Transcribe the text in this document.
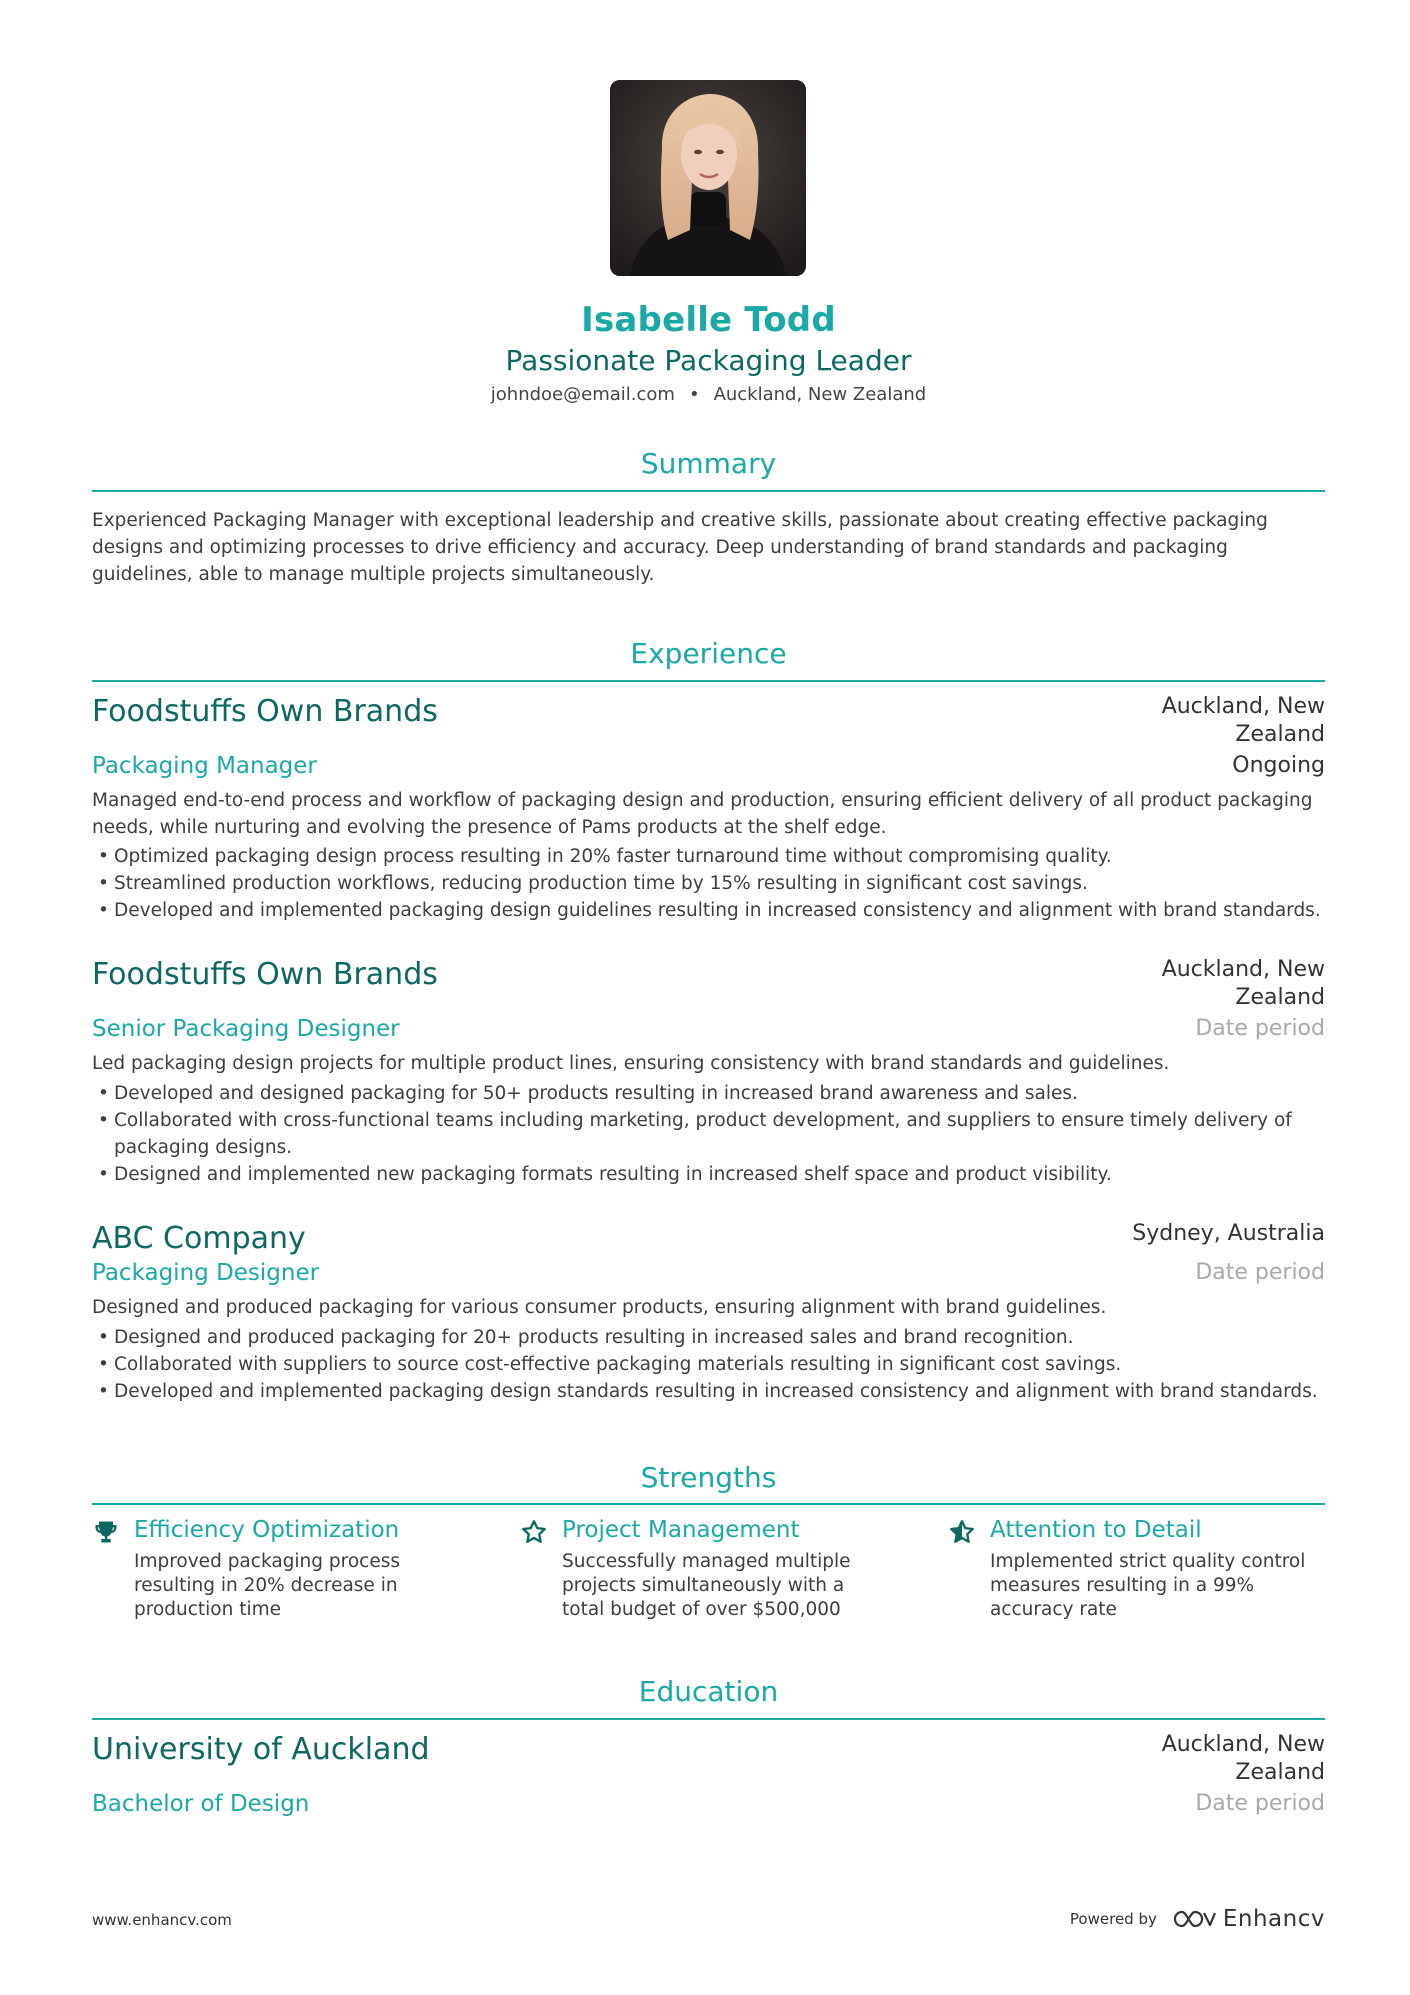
Isabelle Todd
Passionate Packaging Leader
johndoe@email.com • Auckland, New Zealand
Summary
Experienced Packaging Manager with exceptional leadership and creative skills, passionate about creating effective packaging designs and optimizing processes to drive efficiency and accuracy. Deep understanding of brand standards and packaging guidelines, able to manage multiple projects simultaneously.
Experience
Foodstuffs Own Brands	Auckland, New Zealand
Packaging Manager	Ongoing
Managed end-to-end process and workflow of packaging design and production, ensuring efficient delivery of all product packaging needs, while nurturing and evolving the presence of Pams products at the shelf edge.
• Optimized packaging design process resulting in 20% faster turnaround time without compromising quality.
• Streamlined production workflows, reducing production time by 15% resulting in significant cost savings.
• Developed and implemented packaging design guidelines resulting in increased consistency and alignment with brand standards.
Foodstuffs Own Brands	Auckland, New Zealand
Senior Packaging Designer	Date period
Led packaging design projects for multiple product lines, ensuring consistency with brand standards and guidelines.
• Developed and designed packaging for 50+ products resulting in increased brand awareness and sales.
• Collaborated with cross-functional teams including marketing, product development, and suppliers to ensure timely delivery of packaging designs.
• Designed and implemented new packaging formats resulting in increased shelf space and product visibility.
ABC Company	Sydney, Australia
Packaging Designer	Date period
Designed and produced packaging for various consumer products, ensuring alignment with brand guidelines.
• Designed and produced packaging for 20+ products resulting in increased sales and brand recognition.
• Collaborated with suppliers to source cost-effective packaging materials resulting in significant cost savings.
• Developed and implemented packaging design standards resulting in increased consistency and alignment with brand standards.
Strengths
Efficiency Optimization
Improved packaging process resulting in 20% decrease in production time
Project Management
Successfully managed multiple projects simultaneously with a total budget of over $500,000
Attention to Detail
Implemented strict quality control measures resulting in a 99% accuracy rate
Education
University of Auckland	Auckland, New Zealand
Bachelor of Design	Date period
www.enhancv.com	Powered by	Enhancv
